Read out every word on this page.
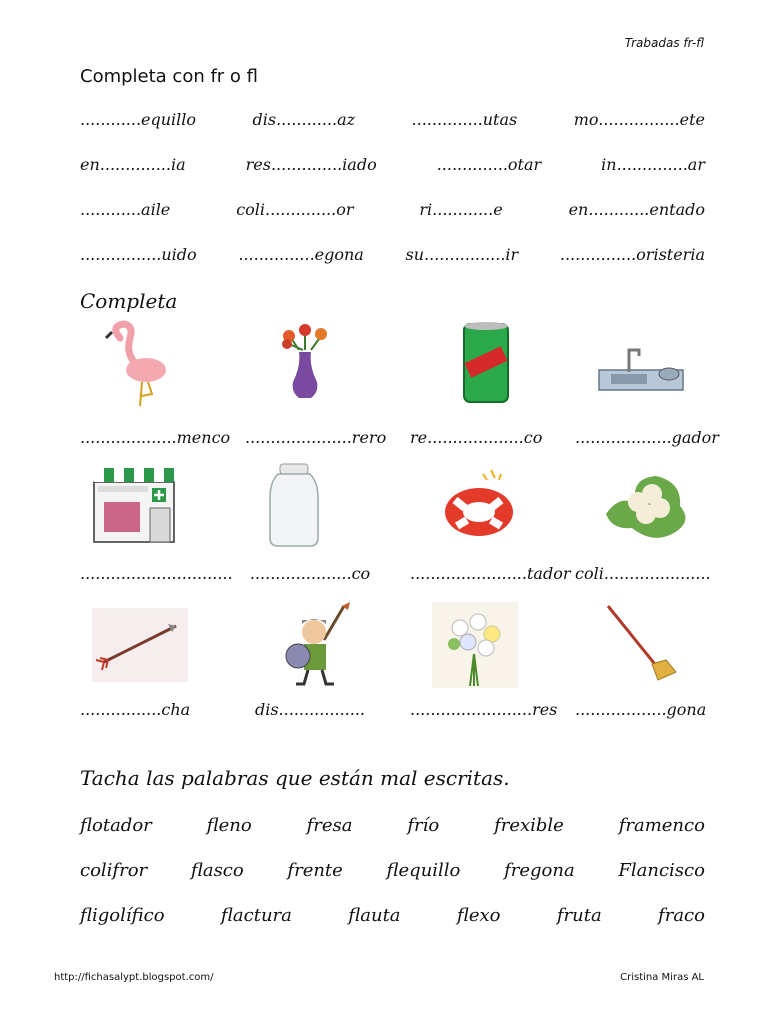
Trabadas fr-fl
Completa con fr o fl
............equillo	dis............az	..............utas	mo................ete
en..............ia	res..............iado	..............otar	in..............ar
............aile	coli..............or	ri............e	en............entado
................uido	...............egona	su................ir	...............oristeria
Completa
...................menco .....................rero re...................co ...................gador
..............................	....................co	.......................tador coli.....................
................cha	dis.................	........................res ..................gona
Tacha las palabras que están mal escritas.
flotador	fleno	fresa	frío	frexible	framenco
colifror flasco frente flequillo fregona Flancisco
fligolífico	flactura	flauta	flexo	fruta	fraco
http://fichasalypt.blogspot.com/	Cristina Miras AL
